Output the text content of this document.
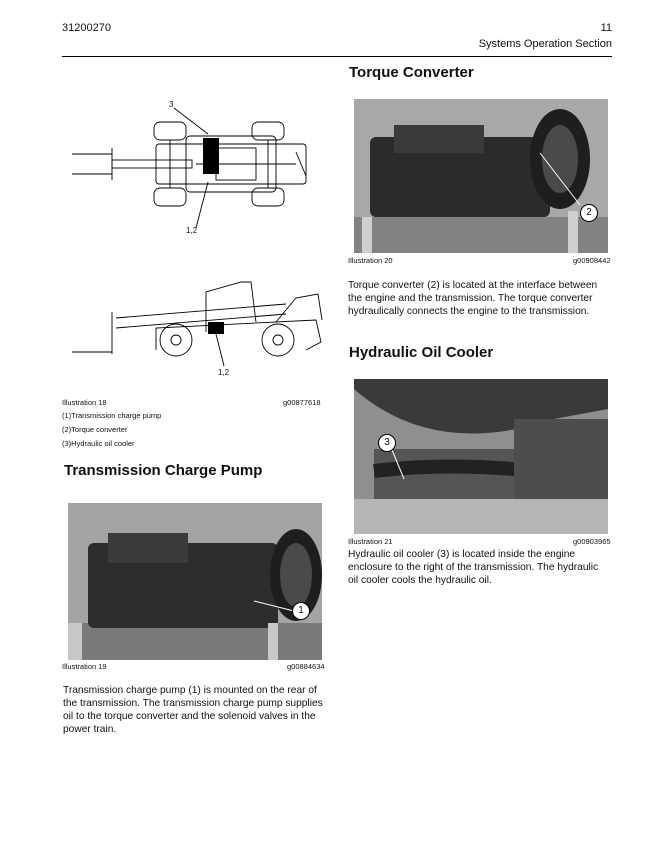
31200270	11
Systems Operation Section
3
1,2
1,2
Illustration 18	g00877618
(1)Transmission charge pump
(2)Torque converter
(3)Hydraulic oil cooler
Transmission Charge Pump
1
Illustration 19	g00884634
Transmission charge pump (1) is mounted on the rear of the transmission. The transmission charge pump supplies oil to the torque converter and the solenoid valves in the power train.
Torque Converter
2
Illustration 20	g00908442
Torque converter (2) is located at the interface between the engine and the transmission. The torque converter hydraulically connects the engine to the transmission.
Hydraulic Oil Cooler
3
Illustration 21	g00903965
Hydraulic oil cooler (3) is located inside the engine enclosure to the right of the transmission. The hydraulic oil cooler cools the hydraulic oil.
